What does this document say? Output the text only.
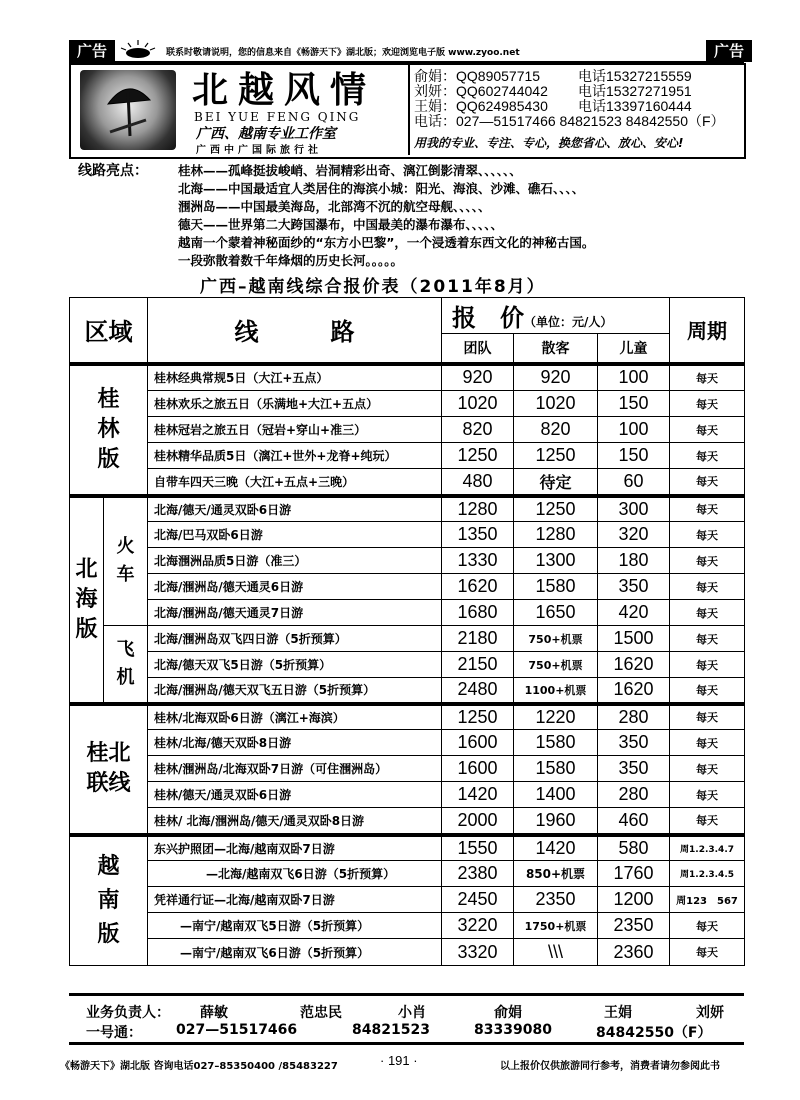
广告	联系时敬请说明，您的信息来自《畅游天下》湖北版；欢迎浏览电子版 www.zyoo.net	广告
北越风情
BEI YUE FENG QING
广西、越南专业工作室
广西中广国际旅行社
俞娟：QQ89057715	电话15327215559
刘妍：QQ602744042 电话15327271951
王娟：QQ624985430 电话13397160444
电话：027—51517466 84821523 84842550（F）
用我的专业、专注、专心，换您省心、放心、安心!
线路亮点： 桂林——孤峰挺拔峻峭、岩洞精彩出奇、漓江倒影清翠、、、、、、
北海——中国最适宜人类居住的海滨小城：阳光、海浪、沙滩、礁石、、、、
涠洲岛——中国最美海岛，北部湾不沉的航空母舰、、、、、
德天——世界第二大跨国瀑布，中国最美的瀑布瀑布、、、、、
越南一个蒙着神秘面纱的“东方小巴黎”，一个浸透着东西文化的神秘古国。
一段弥散着数千年烽烟的历史长河。。。。。
广西–越南线综合报价表（2011年8月）
区域		线　　　路	报　价（单位：元/人）			周期
			团队	散客	儿童	

桂林版		桂林经典常规5日（大江+五点）	920	920	100	每天
		桂林欢乐之旅五日（乐满地+大江+五点）	1020	1020	150	每天
		桂林冠岩之旅五日（冠岩+穿山+准三）	820	820	100	每天
		桂林精华品质5日（漓江+世外+龙脊+纯玩）	1250	1250	150	每天
		自带车四天三晚（大江+五点+三晚）	480	待定	60	每天

北海版	火车	北海/德天/通灵双卧6日游	1280	1250	300	每天
		北海/巴马双卧6日游	1350	1280	320	每天
		北海涠洲品质5日游（准三）	1330	1300	180	每天
		北海/涠洲岛/德天通灵6日游	1620	1580	350	每天
		北海/涠洲岛/德天通灵7日游	1680	1650	420	每天

	飞机	北海/涠洲岛双飞四日游（5折预算）	2180	750+机票	1500	每天
		北海/德天双飞5日游（5折预算）	2150	750+机票	1620	每天
		北海/涠洲岛/德天双飞五日游（5折预算）	2480	1100+机票	1620	每天

桂北联线		桂林/北海双卧6日游（漓江+海滨）	1250	1220	280	每天
		桂林/北海/德天双卧8日游	1600	1580	350	每天
		桂林/涠洲岛/北海双卧7日游（可住涠洲岛）	1600	1580	350	每天
		桂林/德天/通灵双卧6日游	1420	1400	280	每天
		桂林/ 北海/涠洲岛/德天/通灵双卧8日游	2000	1960	460	每天

越南版		东兴护照团—北海/越南双卧7日游	1550	1420	580	周1.2.3.4.7
		—北海/越南双飞6日游（5折预算）	2380	850+机票	1760	周1.2.3.4.5
		凭祥通行证—北海/越南双卧7日游	2450	2350	1200	周123　567
		—南宁/越南双飞5日游（5折预算）	3220	1750+机票	2350	每天
		—南宁/越南双飞6日游（5折预算）	3320	\\\	2360	每天
业务负责人： 薛敏	范忠民	小肖	俞娟	王娟	刘妍
一号通： 027—51517466	84821523	83339080	84842550（F）
《畅游天下》湖北版 咨询电话027–85350400 /85483227	· 191 ·	以上报价仅供旅游同行参考，消费者请勿参阅此书
